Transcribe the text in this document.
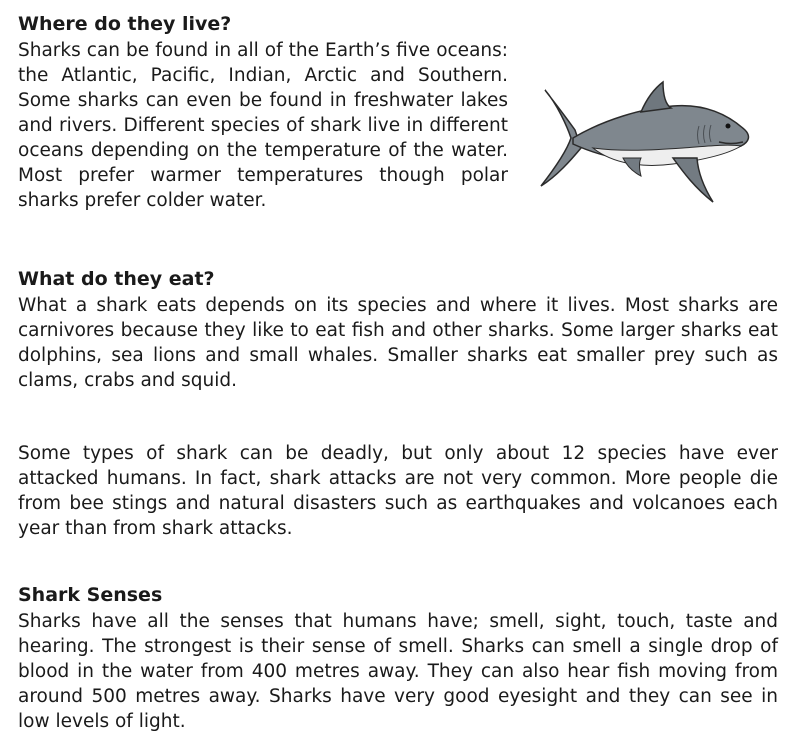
Where do they live?

Sharks can be found in all of the Earth’s five oceans: the Atlantic, Pacific, Indian, Arctic and Southern. Some sharks can even be found in freshwater lakes and rivers. Different species of shark live in different oceans depending on the temperature of the water. Most prefer warmer temperatures though polar sharks prefer colder water.

What do they eat?

What a shark eats depends on its species and where it lives. Most sharks are carnivores because they like to eat fish and other sharks. Some larger sharks eat dolphins, sea lions and small whales. Smaller sharks eat smaller prey such as clams, crabs and squid.

Some types of shark can be deadly, but only about 12 species have ever attacked humans. In fact, shark attacks are not very common. More people die from bee stings and natural disasters such as earthquakes and volcanoes each year than from shark attacks.

Shark Senses

Sharks have all the senses that humans have; smell, sight, touch, taste and hearing. The strongest is their sense of smell. Sharks can smell a single drop of blood in the water from 400 metres away. They can also hear fish moving from around 500 metres away. Sharks have very good eyesight and they can see in low levels of light.
